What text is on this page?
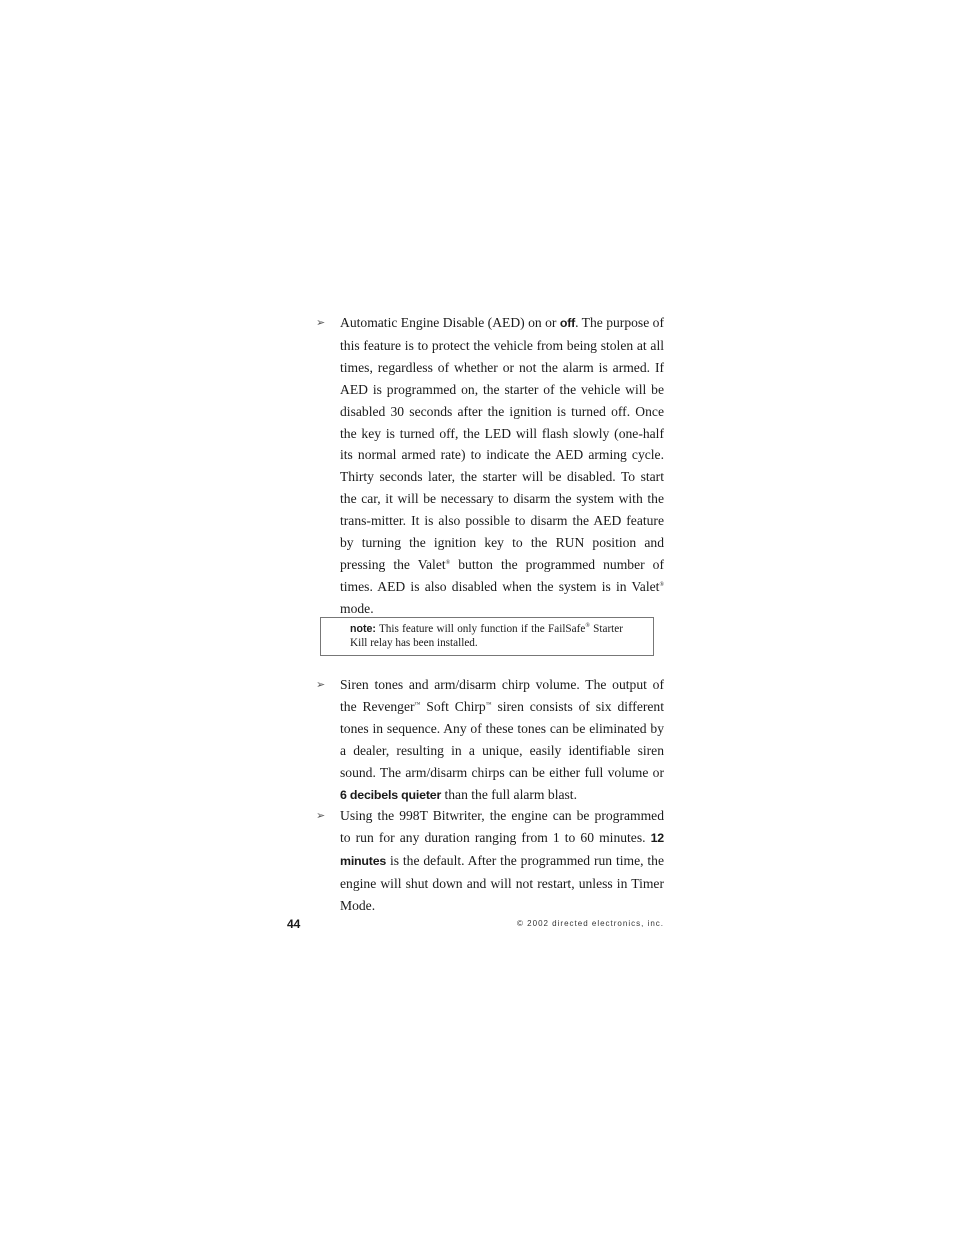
➢ Automatic Engine Disable (AED) on or off. The purpose of this feature is to protect the vehicle from being stolen at all times, regardless of whether or not the alarm is armed. If AED is programmed on, the starter of the vehicle will be disabled 30 seconds after the ignition is turned off. Once the key is turned off, the LED will flash slowly (one-half its normal armed rate) to indicate the AED arming cycle. Thirty seconds later, the starter will be disabled. To start the car, it will be necessary to disarm the system with the trans-mitter. It is also possible to disarm the AED feature by turning the ignition key to the RUN position and pressing the Valet® button the programmed number of times. AED is also disabled when the system is in Valet® mode.

note: This feature will only function if the FailSafe® Starter Kill relay has been installed.

➢ Siren tones and arm/disarm chirp volume. The output of the Revenger™ Soft Chirp™ siren consists of six different tones in sequence. Any of these tones can be eliminated by a dealer, resulting in a unique, easily identifiable siren sound. The arm/disarm chirps can be either full volume or 6 decibels quieter than the full alarm blast.

➢ Using the 998T Bitwriter, the engine can be programmed to run for any duration ranging from 1 to 60 minutes. 12 minutes is the default. After the programmed run time, the engine will shut down and will not restart, unless in Timer Mode.

44	© 2002 directed electronics, inc.
